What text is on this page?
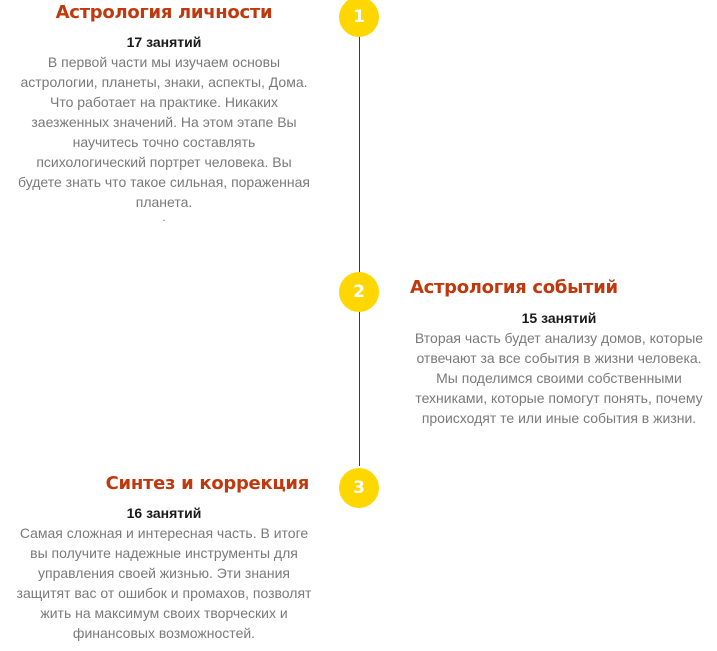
1
Астрология личности
17 занятий
В первой части мы изучаем основы
астрологии, планеты, знаки, аспекты, Дома.
Что работает на практике. Никаких
заезженных значений. На этом этапе Вы
научитесь точно составлять
психологический портрет человека. Вы
будете знать что такое сильная, пораженная
планета.
.
2	Астрология событий
15 занятий
Вторая часть будет анализу домов, которые
отвечают за все события в жизни человека.
Мы поделимся своими собственными
техниками, которые помогут понять, почему
происходят те или иные события в жизни.
3
Синтез и коррекция
16 занятий
Самая сложная и интересная часть. В итоге
вы получите надежные инструменты для
управления своей жизнью. Эти знания
защитят вас от ошибок и промахов, позволят
жить на максимум своих творческих и
финансовых возможностей.
